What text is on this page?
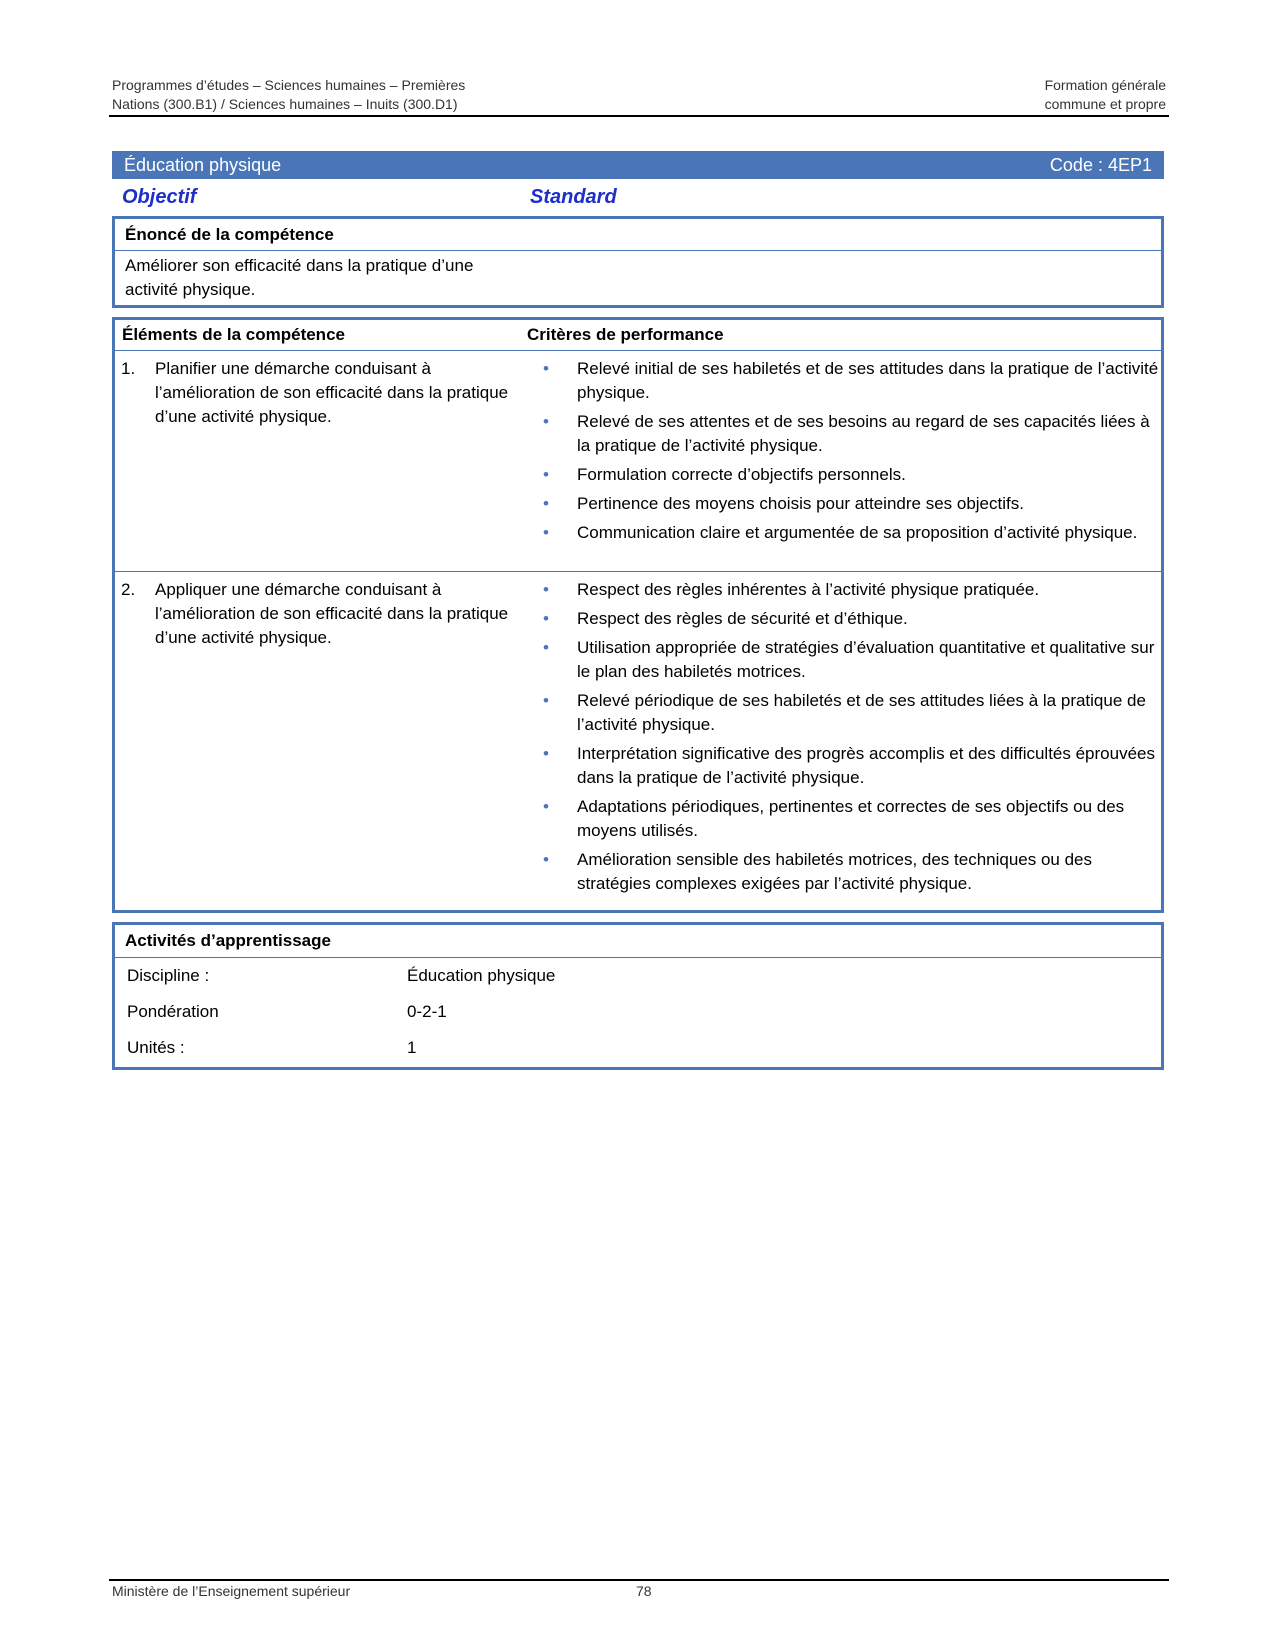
Programmes d’études – Sciences humaines – Premières	Formation générale
Nations (300.B1) / Sciences humaines – Inuits (300.D1)	commune et propre
Éducation physique	Code : 4EP1
Objectif	Standard
Énoncé de la compétence
Améliorer son efficacité dans la pratique d’une activité physique.
Éléments de la compétence	Critères de performance
1. Planifier une démarche conduisant à l’amélioration de son efficacité dans la pratique d’une activité physique.
• Relevé initial de ses habiletés et de ses attitudes dans la pratique de l’activité physique.
• Relevé de ses attentes et de ses besoins au regard de ses capacités liées à la pratique de l’activité physique.
• Formulation correcte d’objectifs personnels.
• Pertinence des moyens choisis pour atteindre ses objectifs.
• Communication claire et argumentée de sa proposition d’activité physique.
2. Appliquer une démarche conduisant à l’amélioration de son efficacité dans la pratique d’une activité physique.
• Respect des règles inhérentes à l’activité physique pratiquée.
• Respect des règles de sécurité et d’éthique.
• Utilisation appropriée de stratégies d’évaluation quantitative et qualitative sur le plan des habiletés motrices.
• Relevé périodique de ses habiletés et de ses attitudes liées à la pratique de l’activité physique.
• Interprétation significative des progrès accomplis et des difficultés éprouvées dans la pratique de l’activité physique.
• Adaptations périodiques, pertinentes et correctes de ses objectifs ou des moyens utilisés.
• Amélioration sensible des habiletés motrices, des techniques ou des stratégies complexes exigées par l’activité physique.
Activités d’apprentissage
Discipline :	Éducation physique
Pondération	0-2-1
Unités :	1
Ministère de l’Enseignement supérieur	78
